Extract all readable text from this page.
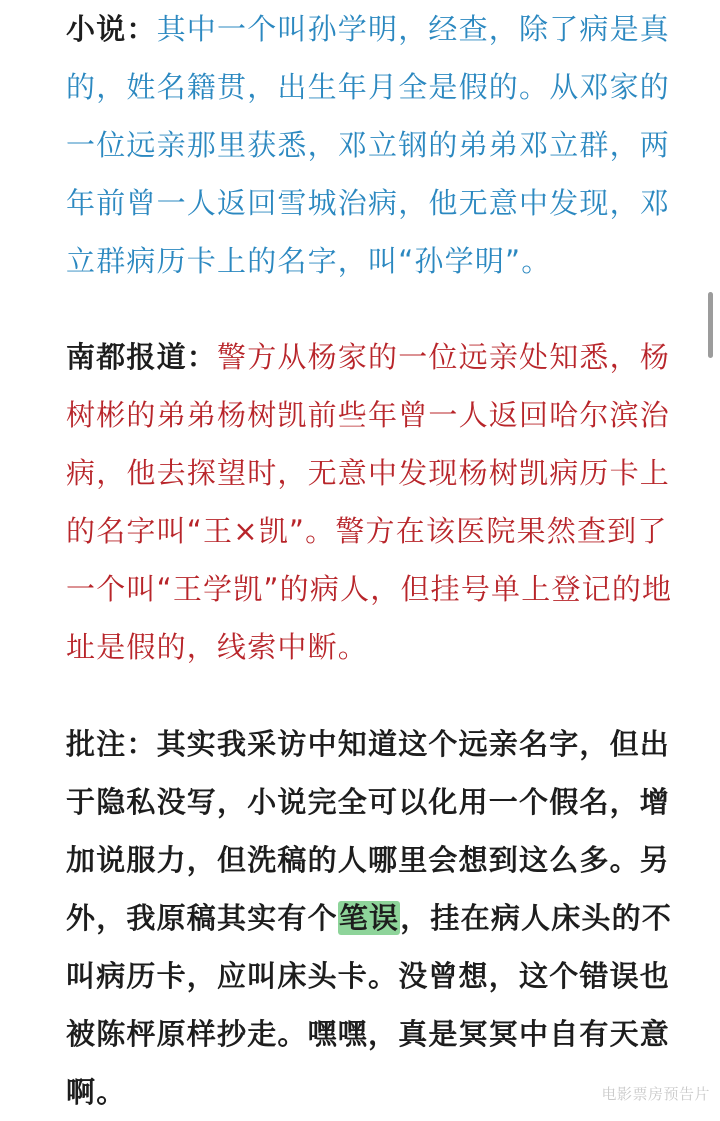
小说：其中一个叫孙学明，经查，除了病是真
的，姓名籍贯，出生年月全是假的。从邓家的
一位远亲那里获悉，邓立钢的弟弟邓立群，两
年前曾一人返回雪城治病，他无意中发现，邓
立群病历卡上的名字，叫“孙学明”。
南都报道：警方从杨家的一位远亲处知悉，杨
树彬的弟弟杨树凯前些年曾一人返回哈尔滨治
病，他去探望时，无意中发现杨树凯病历卡上
的名字叫“王×凯”。警方在该医院果然查到了
一个叫“王学凯”的病人，但挂号单上登记的地
址是假的，线索中断。
批注：其实我采访中知道这个远亲名字，但出
于隐私没写，小说完全可以化用一个假名，增
加说服力，但洗稿的人哪里会想到这么多。另
外，我原稿其实有个笔误，挂在病人床头的不
叫病历卡，应叫床头卡。没曾想，这个错误也
被陈枰原样抄走。嘿嘿，真是冥冥中自有天意
啊。	电影票房预告片
